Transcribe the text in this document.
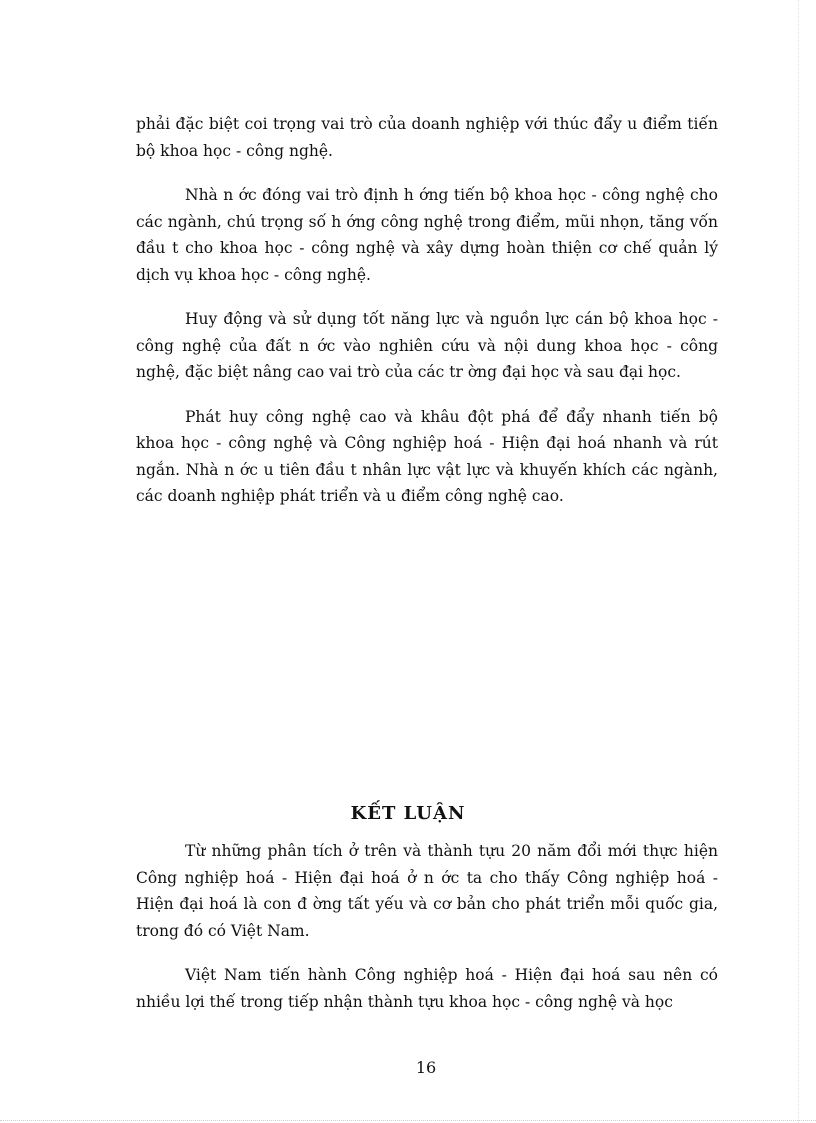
phải đặc biệt coi trọng vai trò của doanh nghiệp với thúc đẩy u điểm tiến bộ khoa học - công nghệ.

Nhà n ớc đóng vai trò định h ớng tiến bộ khoa học - công nghệ cho các ngành, chú trọng số h ớng công nghệ trong điểm, mũi nhọn, tăng vốn đầu t cho khoa học - công nghệ và xây dựng hoàn thiện cơ chế quản lý dịch vụ khoa học - công nghệ.

Huy động và sử dụng tốt năng lực và nguồn lực cán bộ khoa học - công nghệ của đất n ớc vào nghiên cứu và nội dung khoa học - công nghệ, đặc biệt nâng cao vai trò của các tr ờng đại học và sau đại học.

Phát huy công nghệ cao và khâu đột phá để đẩy nhanh tiến bộ khoa học - công nghệ và Công nghiệp hoá - Hiện đại hoá nhanh và rút ngắn. Nhà n ớc u tiên đầu t nhân lực vật lực và khuyến khích các ngành, các doanh nghiệp phát triển và u điểm công nghệ cao.

KẾT LUẬN

Từ những phân tích ở trên và thành tựu 20 năm đổi mới thực hiện Công nghiệp hoá - Hiện đại hoá ở n ớc ta cho thấy Công nghiệp hoá - Hiện đại hoá là con đ ờng tất yếu và cơ bản cho phát triển mỗi quốc gia, trong đó có Việt Nam.

Việt Nam tiến hành Công nghiệp hoá - Hiện đại hoá sau nên có nhiều lợi thế trong tiếp nhận thành tựu khoa học - công nghệ và học

16
